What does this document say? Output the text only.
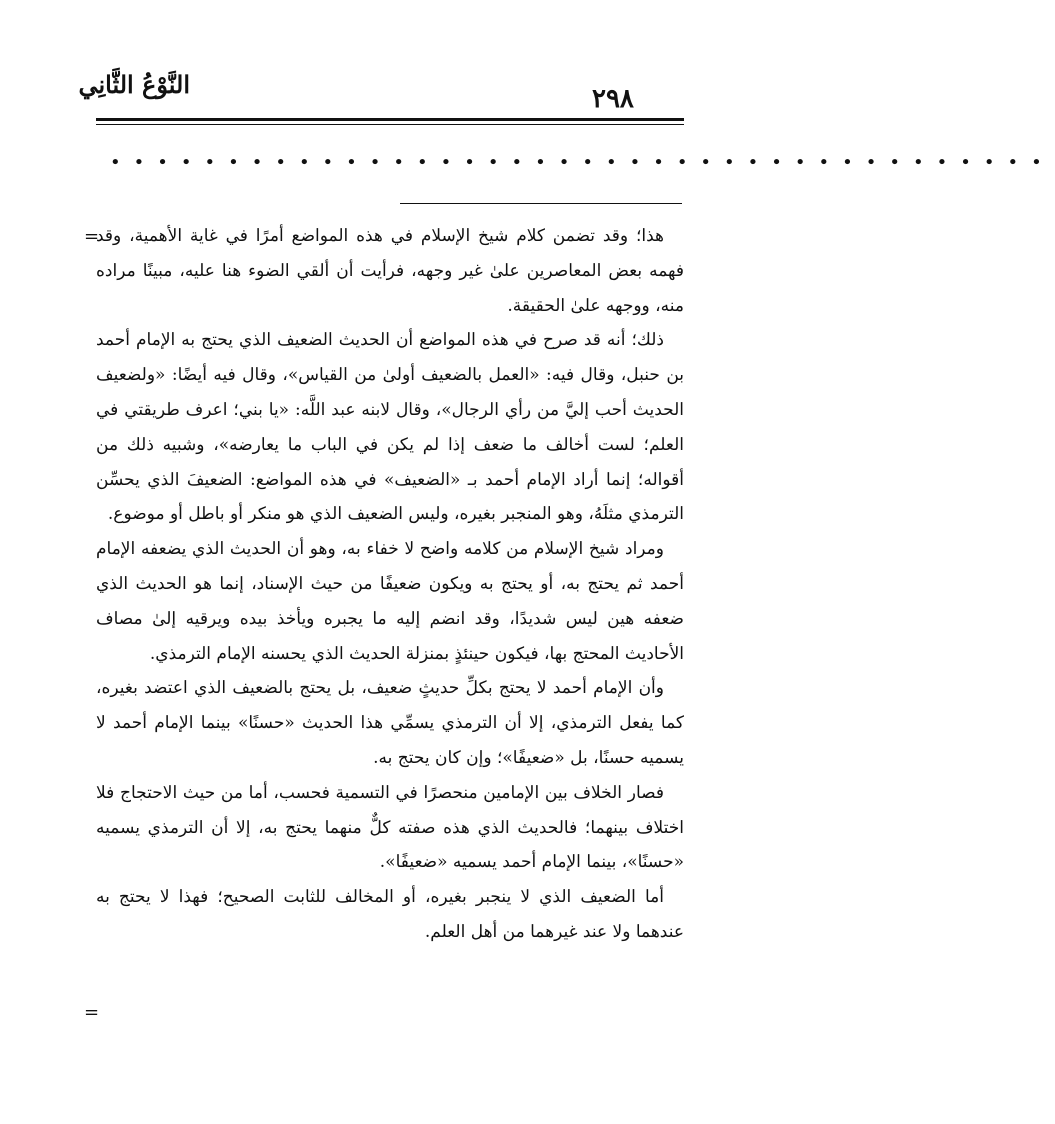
النَّوْعُ الثَّانِي	٢٩٨
••••••••••••••••••••••••••••••••••••••••
=
=

هذا؛ وقد تضمن كلام شيخ الإسلام في هذه المواضع أمرًا في غاية الأهمية، وقد فهمه بعض المعاصرين علىٰ غير وجهه، فرأيت أن ألقي الضوء هنا عليه، مبينًا مراده منه، ووجهه علىٰ الحقيقة.

ذلك؛ أنه قد صرح في هذه المواضع أن الحديث الضعيف الذي يحتج به الإمام أحمد بن حنبل، وقال فيه: «العمل بالضعيف أولىٰ من القياس»، وقال فيه أيضًا: «ولضعيف الحديث أحب إليَّ من رأي الرجال»، وقال لابنه عبد اللَّه: «يا بني؛ اعرف طريقتي في العلم؛ لست أخالف ما ضعف إذا لم يكن في الباب ما يعارضه»، وشبيه ذلك من أقواله؛ إنما أراد الإمام أحمد بـ «الضعيف» في هذه المواضع: الضعيفَ الذي يحسِّن الترمذي مثلَهُ، وهو المنجبر بغيره، وليس الضعيف الذي هو منكر أو باطل أو موضوع.

ومراد شيخ الإسلام من كلامه واضح لا خفاء به، وهو أن الحديث الذي يضعفه الإمام أحمد ثم يحتج به، أو يحتج به ويكون ضعيفًا من حيث الإسناد، إنما هو الحديث الذي ضعفه هين ليس شديدًا، وقد انضم إليه ما يجبره ويأخذ بيده ويرقيه إلىٰ مصاف الأحاديث المحتج بها، فيكون حينئذٍ بمنزلة الحديث الذي يحسنه الإمام الترمذي.

وأن الإمام أحمد لا يحتج بكلِّ حديثٍ ضعيف، بل يحتج بالضعيف الذي اعتضد بغيره، كما يفعل الترمذي، إلا أن الترمذي يسمِّي هذا الحديث «حسنًا» بينما الإمام أحمد لا يسميه حسنًا، بل «ضعيفًا»؛ وإن كان يحتج به.

فصار الخلاف بين الإمامين منحصرًا في التسمية فحسب، أما من حيث الاحتجاج فلا اختلاف بينهما؛ فالحديث الذي هذه صفته كلٌّ منهما يحتج به، إلا أن الترمذي يسميه «حسنًا»، بينما الإمام أحمد يسميه «ضعيفًا».

أما الضعيف الذي لا ينجبر بغيره، أو المخالف للثابت الصحيح؛ فهذا لا يحتج به عندهما ولا عند غيرهما من أهل العلم.
